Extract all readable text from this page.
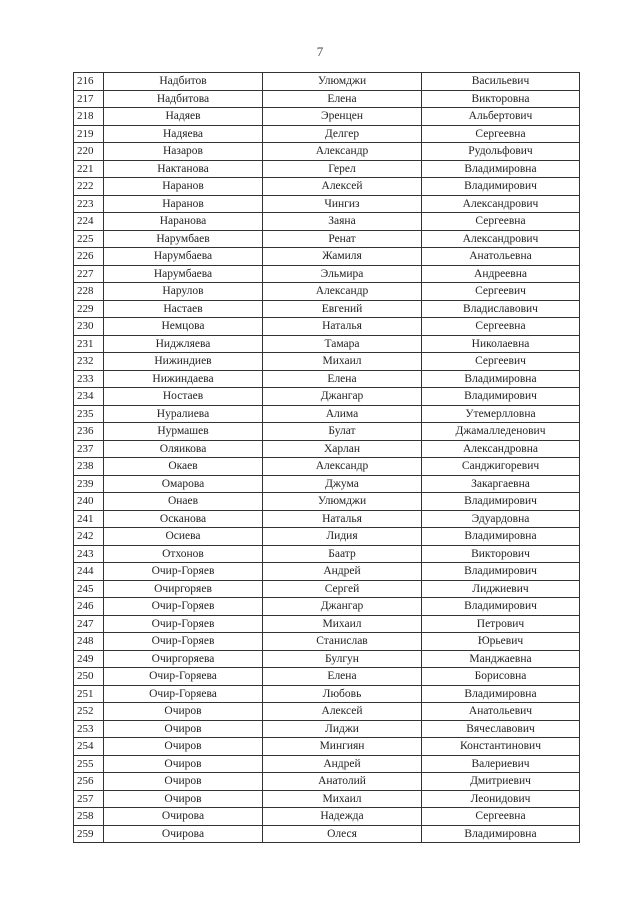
7
216	Надбитов	Улюмджи	Васильевич
217	Надбитова	Елена	Викторовна
218	Надяев	Эренцен	Альбертович
219	Надяева	Делгер	Сергеевна
220	Назаров	Александр	Рудольфович
221	Нактанова	Герел	Владимировна
222	Наранов	Алексей	Владимирович
223	Наранов	Чингиз	Александрович
224	Наранова	Заяна	Сергеевна
225	Нарумбаев	Ренат	Александрович
226	Нарумбаева	Жамиля	Анатольевна
227	Нарумбаева	Эльмира	Андреевна
228	Нарулов	Александр	Сергеевич
229	Настаев	Евгений	Владиславович
230	Немцова	Наталья	Сергеевна
231	Ниджляева	Тамара	Николаевна
232	Нижиндиев	Михаил	Сергеевич
233	Нижиндаева	Елена	Владимировна
234	Ностаев	Джангар	Владимирович
235	Нуралиева	Алима	Утемерлловна
236	Нурмашев	Булат	Джамалледенович
237	Оляикова	Харлан	Александровна
238	Окаев	Александр	Санджигоревич
239	Омарова	Джума	Закаргаевна
240	Онаев	Улюмджи	Владимирович
241	Осканова	Наталья	Эдуардовна
242	Осиева	Лидия	Владимировна
243	Отхонов	Баатр	Викторович
244	Очир-Горяев	Андрей	Владимирович
245	Очиргоряев	Сергей	Лиджиевич
246	Очир-Горяев	Джангар	Владимирович
247	Очир-Горяев	Михаил	Петрович
248	Очир-Горяев	Станислав	Юрьевич
249	Очиргоряева	Булгун	Манджаевна
250	Очир-Горяева	Елена	Борисовна
251	Очир-Горяева	Любовь	Владимировна
252	Очиров	Алексей	Анатольевич
253	Очиров	Лиджи	Вячеславович
254	Очиров	Мингиян	Константинович
255	Очиров	Андрей	Валериевич
256	Очиров	Анатолий	Дмитриевич
257	Очиров	Михаил	Леонидович
258	Очирова	Надежда	Сергеевна
259	Очирова	Олеся	Владимировна
